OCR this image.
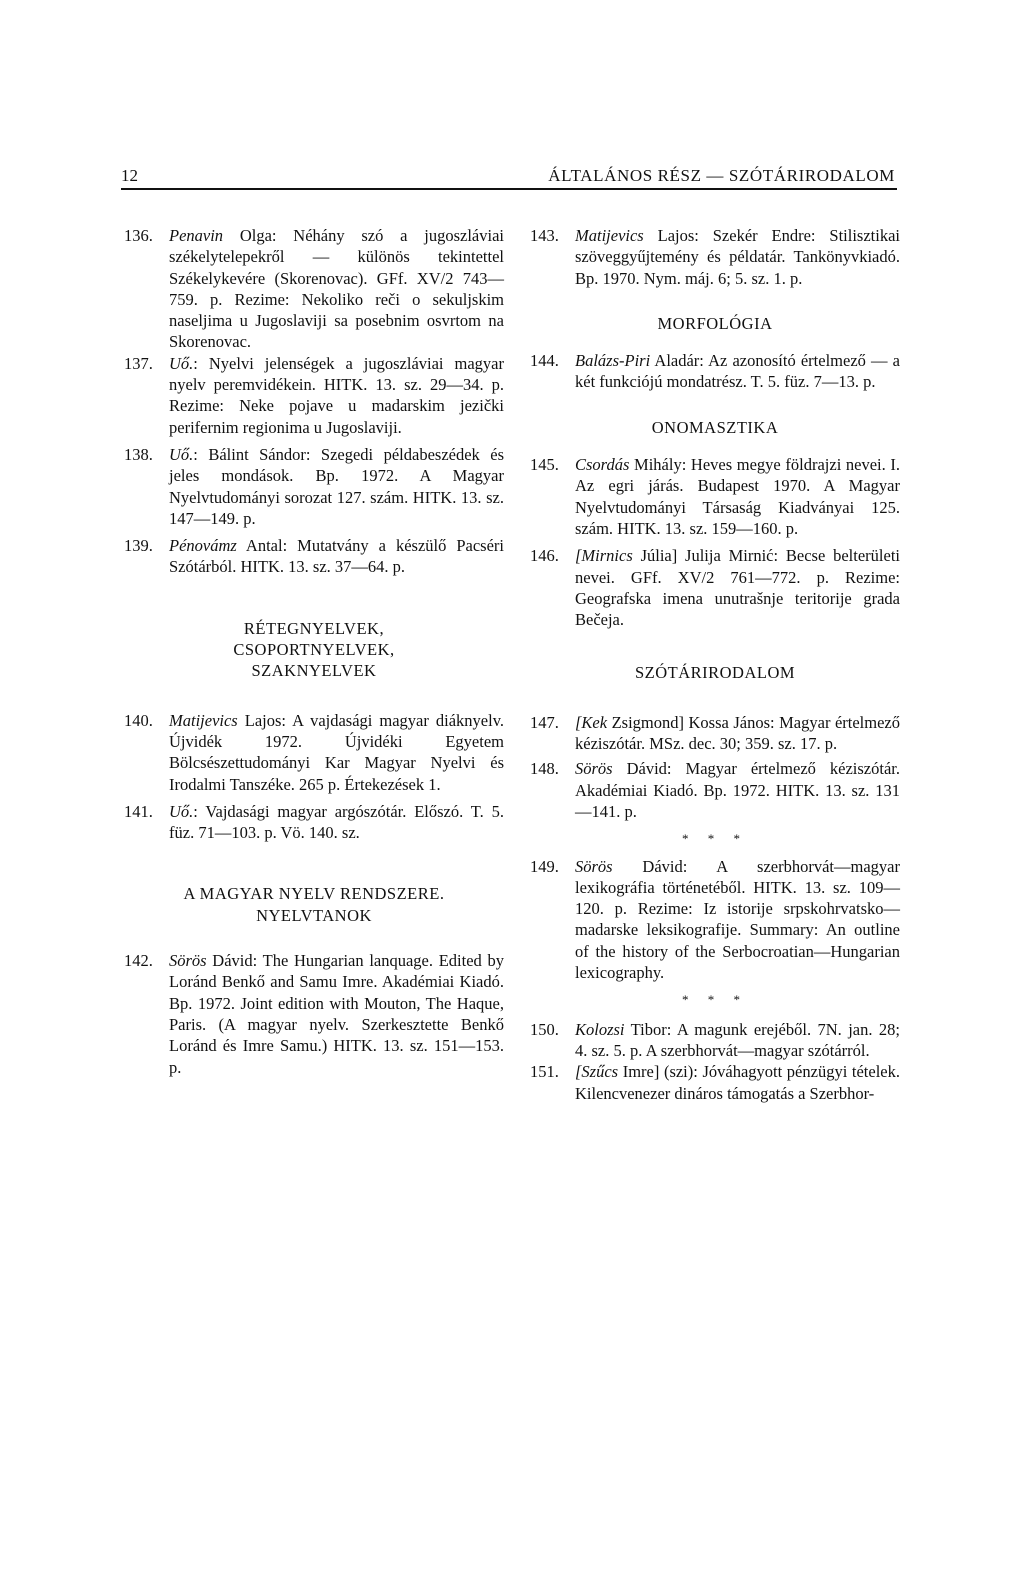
12	ÁLTALÁNOS RÉSZ — SZÓTÁRIRODALOM
136. Penavin Olga: Néhány szó a jugoszláviai székelytelepekről — különös tekintettel Székelykevére (Skorenovac). GFf. XV/2 743—759. p. Rezime: Nekoliko reči o sekuljskim naseljima u Jugoslaviji sa posebnim osvrtom na Skorenovac.
137. Uő.: Nyelvi jelenségek a jugoszláviai magyar nyelv peremvidékein. HITK. 13. sz. 29—34. p. Rezime: Neke pojave u madarskim jezički perifernim regionima u Jugoslaviji.
138. Uő.: Bálint Sándor: Szegedi példabeszédek és jeles mondások. Bp. 1972. A Magyar Nyelvtudományi sorozat 127. szám. HITK. 13. sz. 147—149. p.
139. Pénováтz Antal: Mutatvány a készülő Pacséri Szótárból. HITK. 13. sz. 37—64. p.
RÉTEGNYELVEK, CSOPORTNYELVEK, SZAKNYELVEK
140. Matijevics Lajos: A vajdasági magyar diáknyelv. Újvidék 1972. Újvidéki Egyetem Bölcsészettudományi Kar Magyar Nyelvi és Irodalmi Tanszéke. 265 p. Értekezések 1.
141. Uő.: Vajdasági magyar argószótár. Előszó. T. 5. füz. 71—103. p. Vö. 140. sz.
A MAGYAR NYELV RENDSZERE. NYELVTANOK
142. Sörös Dávid: The Hungarian lanquage. Edited by Loránd Benkő and Samu Imre. Akadémiai Kiadó. Bp. 1972. Joint edition with Mouton, The Haque, Paris. (A magyar nyelv. Szerkesztette Benkő Loránd és Imre Samu.) HITK. 13. sz. 151—153. p.
143. Matijevics Lajos: Szekér Endre: Stilisztikai szöveggyűjtemény és példatár. Tankönyvkiadó. Bp. 1970. Nym. máj. 6; 5. sz. 1. p.
MORFOLÓGIA
144. Balázs-Piri Aladár: Az azonosító értelmező — a két funkciójú mondatrész. T. 5. füz. 7—13. p.
ONOMASZTIKA
145. Csordás Mihály: Heves megye földrajzi nevei. I. Az egri járás. Budapest 1970. A Magyar Nyelvtudományi Társaság Kiadványai 125. szám. HITK. 13. sz. 159—160. p.
146. [Mirnics Júlia] Julija Mirnić: Becse belterületi nevei. GFf. XV/2 761—772. p. Rezime: Geografska imena unutrašnje teritorije grada Bečeja.
SZÓTÁRIRODALOM
147. [Kek Zsigmond] Kossa János: Magyar értelmező kéziszótár. MSz. dec. 30; 359. sz. 17. p.
148. Sörös Dávid: Magyar értelmező kéziszótár. Akadémiai Kiadó. Bp. 1972. HITK. 13. sz. 131—141. p.
* * *
149. Sörös Dávid: A szerbhorvát—magyar lexikográfia történetéből. HITK. 13. sz. 109—120. p. Rezime: Iz istorije srpskohrvatsko—madarske leksikografije. Summary: An outline of the history of the Serbocroatian—Hungarian lexicography.
* * *
150. Kolozsi Tibor: A magunk erejéből. 7N. jan. 28; 4. sz. 5. p. A szerbhorvát—magyar szótárról.
151. [Szűcs Imre] (szi): Jóváhagyott pénzügyi tételek. Kilencvenezer dináros támogatás a Szerbhor-
